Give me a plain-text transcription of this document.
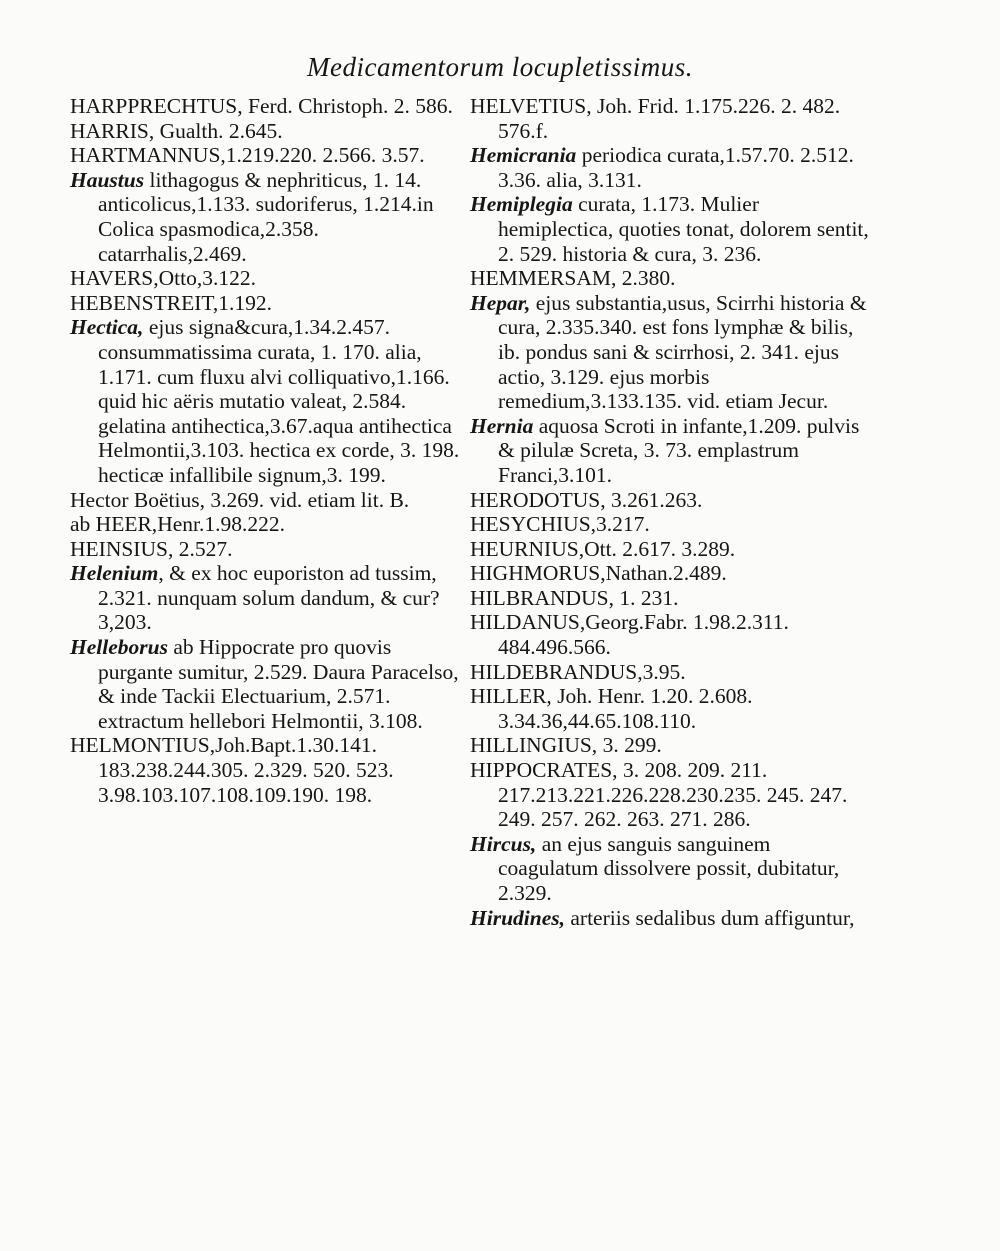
Medicamentorum locupletissimus.

HARPPRECHTUS, Ferd. Christoph. 2. 586.

HARRIS, Gualth. 2.645.

HARTMANNUS,1.219.220. 2.566. 3.57.

Haustus lithagogus & nephriticus, 1. 14. anticolicus,1.133. sudoriferus, 1.214.in Colica spasmodica,2.358. catarrhalis,2.469.

HAVERS,Otto,3.122.

HEBENSTREIT,1.192.

Hectica, ejus signa&cura,1.34.2.457. consummatissima curata, 1. 170. alia, 1.171. cum fluxu alvi colliquativo,1.166. quid hic aëris mutatio valeat, 2.584. gelatina antihectica,3.67.aqua antihectica Helmontii,3.103. hectica ex corde, 3. 198. hecticæ infallibile signum,3. 199.

Hector Boëtius, 3.269. vid. etiam lit. B.

ab HEER,Henr.1.98.222.

HEINSIUS, 2.527.

Helenium, & ex hoc euporiston ad tussim, 2.321. nunquam solum dandum, & cur? 3,203.

Helleborus ab Hippocrate pro quovis purgante sumitur, 2.529. Daura Paracelso, & inde Tackii Electuarium, 2.571. extractum hellebori Helmontii, 3.108.

HELMONTIUS,Joh.Bapt.1.30.141. 183.238.244.305. 2.329. 520. 523. 3.98.103.107.108.109.190. 198.

HELVETIUS, Joh. Frid. 1.175.226. 2. 482. 576.f.

Hemicrania periodica curata,1.57.70. 2.512. 3.36. alia, 3.131.

Hemiplegia curata, 1.173. Mulier hemiplectica, quoties tonat, dolorem sentit, 2. 529. historia & cura, 3. 236.

HEMMERSAM, 2.380.

Hepar, ejus substantia,usus, Scirrhi historia & cura, 2.335.340. est fons lymphæ & bilis, ib. pondus sani & scirrhosi, 2. 341. ejus actio, 3.129. ejus morbis remedium,3.133.135. vid. etiam Jecur.

Hernia aquosa Scroti in infante,1.209. pulvis & pilulæ Screta, 3. 73. emplastrum Franci,3.101.

HERODOTUS, 3.261.263.

HESYCHIUS,3.217.

HEURNIUS,Ott. 2.617. 3.289.

HIGHMORUS,Nathan.2.489.

HILBRANDUS, 1. 231.

HILDANUS,Georg.Fabr. 1.98.2.311. 484.496.566.

HILDEBRANDUS,3.95.

HILLER, Joh. Henr. 1.20. 2.608. 3.34.36,44.65.108.110.

HILLINGIUS, 3. 299.

HIPPOCRATES, 3. 208. 209. 211. 217.213.221.226.228.230.235. 245. 247. 249. 257. 262. 263. 271. 286.

Hircus, an ejus sanguis sanguinem coagulatum dissolvere possit, dubitatur, 2.329.

Hirudines, arteriis sedalibus dum affiguntur,
